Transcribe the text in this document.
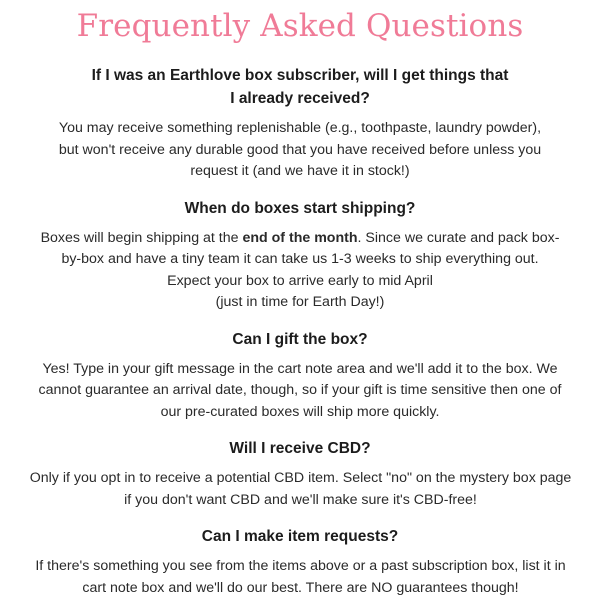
Frequently Asked Questions
If I was an Earthlove box subscriber, will I get things that I already received?
You may receive something replenishable (e.g., toothpaste, laundry powder), but won't receive any durable good that you have received before unless you request it (and we have it in stock!)
When do boxes start shipping?
Boxes will begin shipping at the end of the month. Since we curate and pack box-by-box and have a tiny team it can take us 1-3 weeks to ship everything out. Expect your box to arrive early to mid April
(just in time for Earth Day!)
Can I gift the box?
Yes! Type in your gift message in the cart note area and we'll add it to the box. We cannot guarantee an arrival date, though, so if your gift is time sensitive then one of our pre-curated boxes will ship more quickly.
Will I receive CBD?
Only if you opt in to receive a potential CBD item. Select "no" on the mystery box page if you don't want CBD and we'll make sure it's CBD-free!
Can I make item requests?
If there's something you see from the items above or a past subscription box, list it in cart note box and we'll do our best. There are NO guarantees though!
